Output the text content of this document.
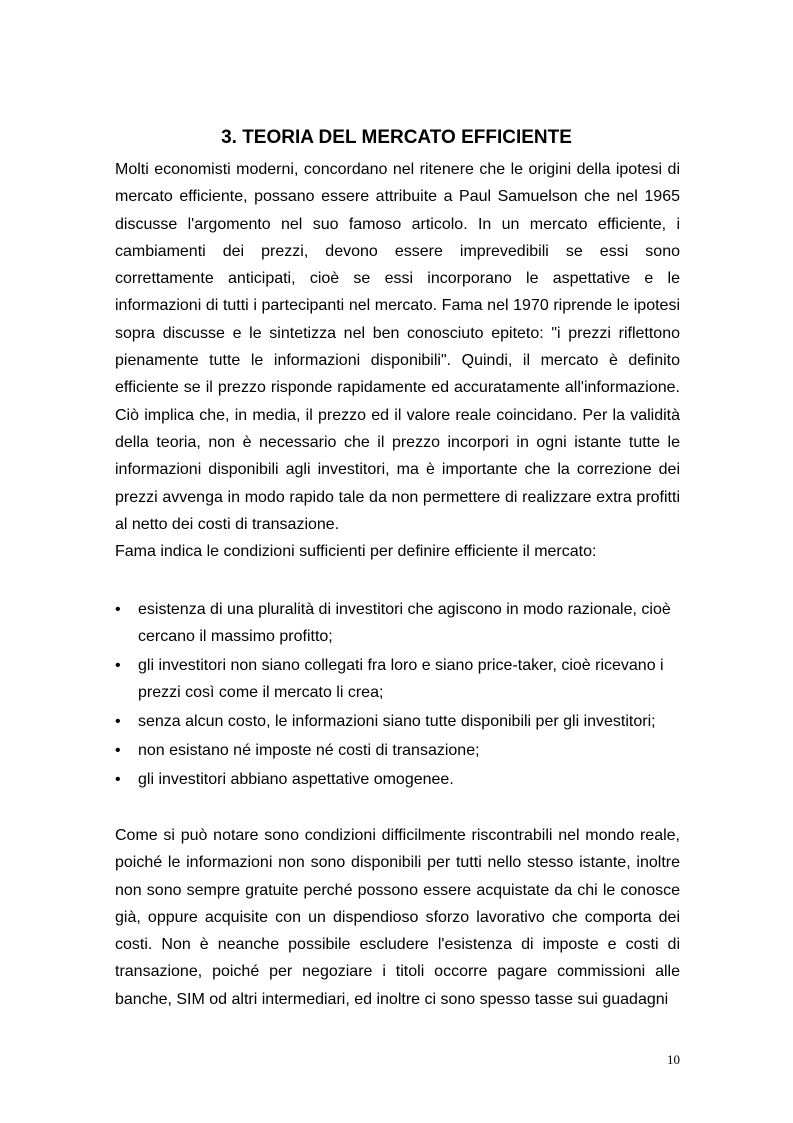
3. TEORIA DEL MERCATO EFFICIENTE
Molti economisti moderni, concordano nel ritenere che le origini della ipotesi di mercato efficiente, possano essere attribuite a Paul Samuelson che nel 1965 discusse l'argomento nel suo famoso articolo. In un mercato efficiente, i cambiamenti dei prezzi, devono essere imprevedibili se essi sono correttamente anticipati, cioè se essi incorporano le aspettative e le informazioni di tutti i partecipanti nel mercato. Fama nel 1970 riprende le ipotesi sopra discusse e le sintetizza nel ben conosciuto epiteto: "i prezzi riflettono pienamente tutte le informazioni disponibili". Quindi, il mercato è definito efficiente se il prezzo risponde rapidamente ed accuratamente all'informazione. Ciò implica che, in media, il prezzo ed il valore reale coincidano. Per la validità della teoria, non è necessario che il prezzo incorpori in ogni istante tutte le informazioni disponibili agli investitori, ma è importante che la correzione dei prezzi avvenga in modo rapido tale da non permettere di realizzare extra profitti al netto dei costi di transazione.
Fama indica le condizioni sufficienti per definire efficiente il mercato:
• esistenza di una pluralità di investitori che agiscono in modo razionale, cioè cercano il massimo profitto;
• gli investitori non siano collegati fra loro e siano price-taker, cioè ricevano i prezzi così come il mercato li crea;
• senza alcun costo, le informazioni siano tutte disponibili per gli investitori;
• non esistano né imposte né costi di transazione;
• gli investitori abbiano aspettative omogenee.
Come si può notare sono condizioni difficilmente riscontrabili nel mondo reale, poiché le informazioni non sono disponibili per tutti nello stesso istante, inoltre non sono sempre gratuite perché possono essere acquistate da chi le conosce già, oppure acquisite con un dispendioso sforzo lavorativo che comporta dei costi. Non è neanche possibile escludere l'esistenza di imposte e costi di transazione, poiché per negoziare i titoli occorre pagare commissioni alle banche, SIM od altri intermediari, ed inoltre ci sono spesso tasse sui guadagni
10
